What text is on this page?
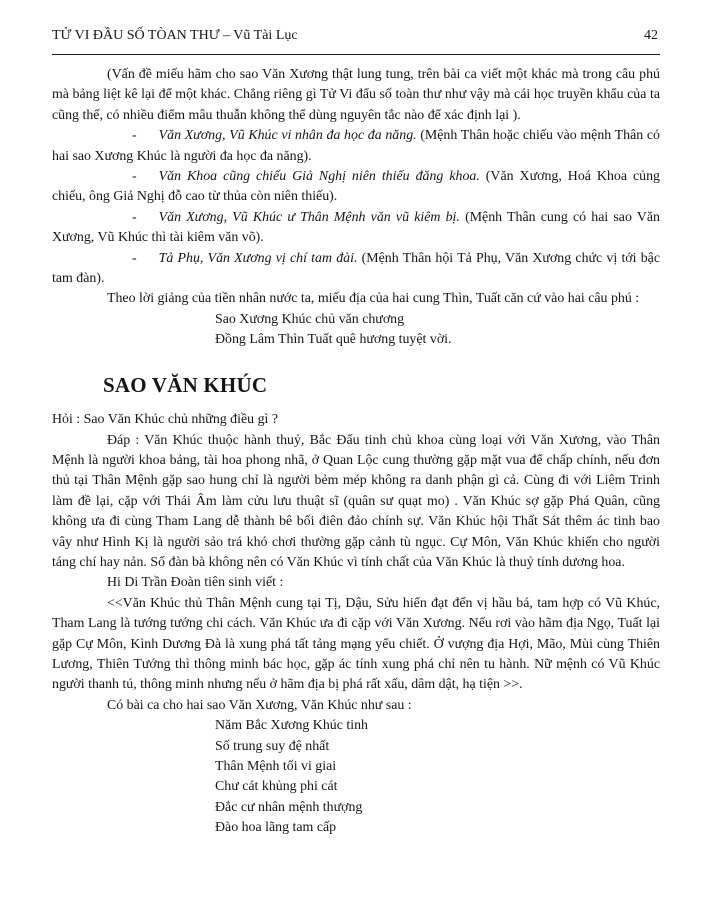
TỬ VI ĐẦU SỐ TÒAN THƯ – Vũ Tài Lục	42

(Vấn đề miếu hãm cho sao Văn Xương thật lung tung, trên bài ca viết một khác mà trong câu phú mà bảng liệt kê lại để một khác. Chẳng riêng gì Tử Vi đẩu số toàn thư như vậy mà cái học truyền khẩu của ta cũng thế, có nhiều điểm mâu thuẫn không thể dùng nguyên tắc nào để xác định lại ).

- Văn Xương, Vũ Khúc vi nhân đa học đa năng. (Mệnh Thân hoặc chiếu vào mệnh Thân có hai sao Xương Khúc là người đa học đa năng).

- Văn Khoa cũng chiếu Giả Nghị niên thiếu đăng khoa. (Văn Xương, Hoá Khoa củng chiếu, ông Giả Nghị đỗ cao từ thủa còn niên thiếu).

- Văn Xương, Vũ Khúc ư Thân Mệnh văn vũ kiêm bị. (Mệnh Thân cung có hai sao Văn Xương, Vũ Khúc thì tài kiêm văn võ).

- Tả Phụ, Văn Xương vị chí tam đài. (Mệnh Thân hội Tả Phụ, Văn Xương chức vị tới bậc tam đàn).

Theo lời giảng của tiền nhân nước ta, miếu địa của hai cung Thìn, Tuất căn cứ vào hai câu phú :

Sao Xương Khúc chủ văn chương

Đồng Lâm Thìn Tuất quê hương tuyệt vời.

SAO VĂN KHÚC

Hỏi : Sao Văn Khúc chủ những điều gì ?

Đáp : Văn Khúc thuộc hành thuỷ, Bắc Đẩu tinh chủ khoa cùng loại với Văn Xương, vào Thân Mệnh là người khoa bảng, tài hoa phong nhã, ở Quan Lộc cung thường gặp mặt vua để chấp chính, nếu đơn thủ tại Thân Mệnh gặp sao hung chỉ là người bẻm mép không ra danh phận gì cả. Cùng đi với Liêm Trinh làm đề lại, cặp với Thái Âm làm cửu lưu thuật sĩ (quân sư quạt mo) . Văn Khúc sợ gặp Phá Quân, cũng không ưa đi cùng Tham Lang dễ thành bê bối điên đảo chính sự. Văn Khúc hội Thất Sát thêm ác tinh bao vây như Hình Kị là người sảo trá khó chơi thường gặp cảnh tù ngục. Cự Môn, Văn Khúc khiến cho người táng chí hay nản. Số đàn bà không nên có Văn Khúc vì tính chất của Văn Khúc là thuỷ tính dương hoa.

Hi Di Trần Đoàn tiên sinh viết :

<<Văn Khúc thủ Thân Mệnh cung tại Tị, Dậu, Sửu hiển đạt đến vị hầu bá, tam hợp có Vũ Khúc, Tham Lang là tướng tướng chi cách. Văn Khúc ưa đi cặp với Văn Xương. Nếu rơi vào hãm địa Ngọ, Tuất lại gặp Cự Môn, Kình Dương Đà là xung phá tất tảng mạng yểu chiết. Ở vượng địa Hợi, Mão, Mùi cùng Thiên Lương, Thiên Tướng thì thông minh bác học, gặp ác tính xung phá chỉ nên tu hành. Nữ mệnh có Vũ Khúc người thanh tú, thông minh nhưng nếu ở hãm địa bị phá rất xấu, dâm dật, hạ tiện >>.

Có bài ca cho hai sao Văn Xương, Văn Khúc như sau :

Năm Bắc Xương Khúc tinh

Số trung suy đệ nhất

Thân Mệnh tối vi giai

Chư cát khủng phi cát

Đắc cư nhân mệnh thượng

Đào hoa lãng tam cấp
